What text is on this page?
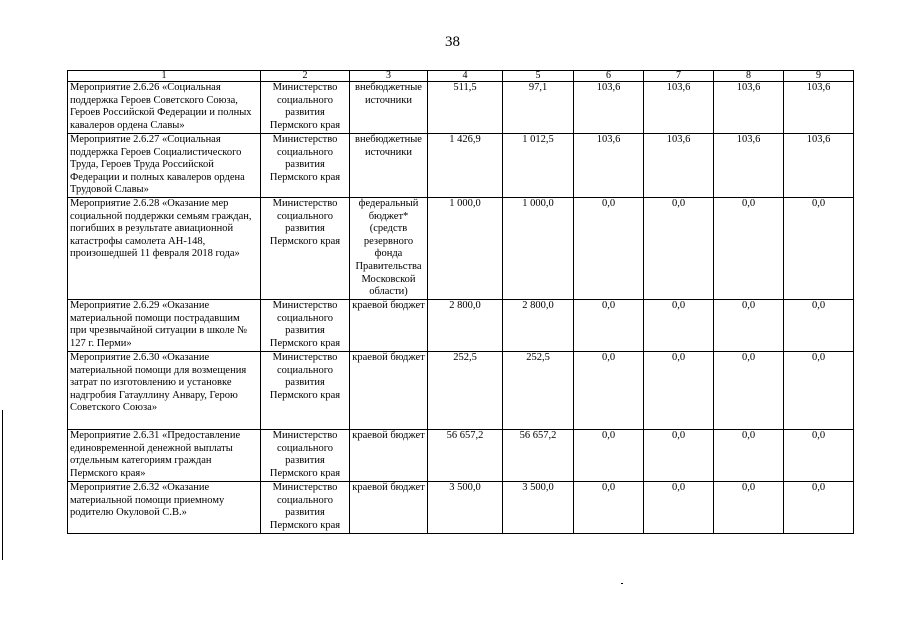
38
1	2	3	4	5	6	7	8	9
Мероприятие 2.6.26 «Социальная поддержка Героев Советского Союза, Героев Российской Федерации и полных кавалеров ордена Славы»	Министерство социального развития Пермского края	внебюджетные источники	511,5	97,1	103,6	103,6	103,6	103,6
Мероприятие 2.6.27 «Социальная поддержка Героев Социалистического Труда, Героев Труда Российской Федерации и полных кавалеров ордена Трудовой Славы»	Министерство социального развития Пермского края	внебюджетные источники	1 426,9	1 012,5	103,6	103,6	103,6	103,6
Мероприятие 2.6.28 «Оказание мер социальной поддержки семьям граждан, погибших в результате авиационной катастрофы самолета АН-148, произошедшей 11 февраля 2018 года»	Министерство социального развития Пермского края	федеральный бюджет* (средств резервного фонда Правительства Московской области)	1 000,0	1 000,0	0,0	0,0	0,0	0,0
Мероприятие 2.6.29 «Оказание материальной помощи пострадавшим при чрезвычайной ситуации в школе № 127 г. Перми»	Министерство социального развития Пермского края	краевой бюджет	2 800,0	2 800,0	0,0	0,0	0,0	0,0
Мероприятие 2.6.30 «Оказание материальной помощи для возмещения затрат по изготовлению и установке надгробия Гатауллину Анвару, Герою Советского Союза»	Министерство социального развития Пермского края	краевой бюджет	252,5	252,5	0,0	0,0	0,0	0,0
Мероприятие 2.6.31 «Предоставление единовременной денежной выплаты отдельным категориям граждан Пермского края»	Министерство социального развития Пермского края	краевой бюджет	56 657,2	56 657,2	0,0	0,0	0,0	0,0
Мероприятие 2.6.32 «Оказание материальной помощи приемному родителю Окуловой С.В.»	Министерство социального развития Пермского края	краевой бюджет	3 500,0	3 500,0	0,0	0,0	0,0	0,0
